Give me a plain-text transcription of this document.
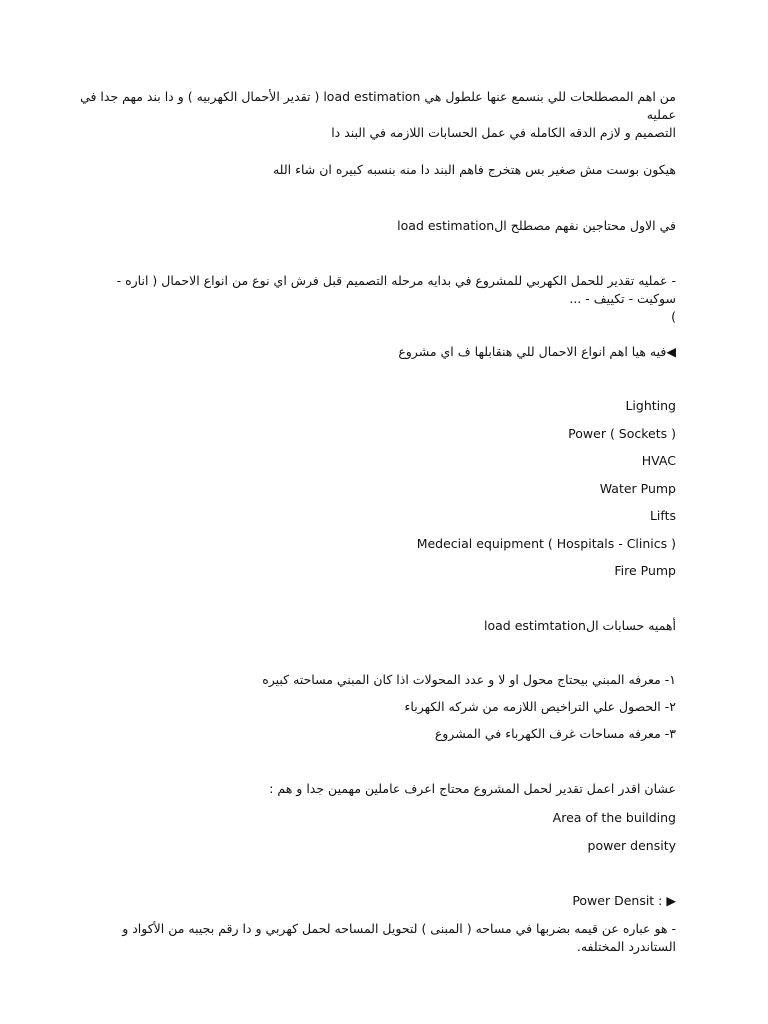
من اهم المصطلحات للي بنسمع عنها علطول هي load estimation ( تقدير الأحمال الكهربيه ) و دا بند مهم جدا في عمليه
التصميم و لازم الدقه الكامله في عمل الحسابات اللازمه في البند دا
هيكون بوست مش صغير بس هتخرج فاهم البند دا منه بنسبه كبيره ان شاء الله
في الاول محتاجين نفهم مصطلح الload estimation
- عمليه تقدير للحمل الكهربي للمشروع في بدايه مرحله التصميم قبل فرش اي نوع من انواع الاحمال ( اناره - سوكيت - تكييف - ...
)
◀فيه هيا اهم انواع الاحمال للي هنقابلها ف اي مشروع
Lighting
Power ( Sockets )
HVAC
Water Pump
Lifts
Medecial equipment ( Hospitals - Clinics )
Fire Pump
أهميه حسابات الload estimtation
١- معرفه المبني بيحتاج محول او لا و عدد المحولات اذا كان المبني مساحته كبيره
٢- الحصول علي التراخيص اللازمه من شركه الكهرباء
٣- معرفه مساحات غرف الكهرباء في المشروع
عشان اقدر اعمل تقدير لحمل المشروع محتاج اعرف عاملين مهمين جدا و هم :
Area of the building
power density
Power Densit : ▶
- هو عباره عن قيمه بضربها في مساحه ( المبنى ) لتحويل المساحه لحمل كهربي و دا رقم بجيبه من الأكواد و الستاندرد المختلفه.
